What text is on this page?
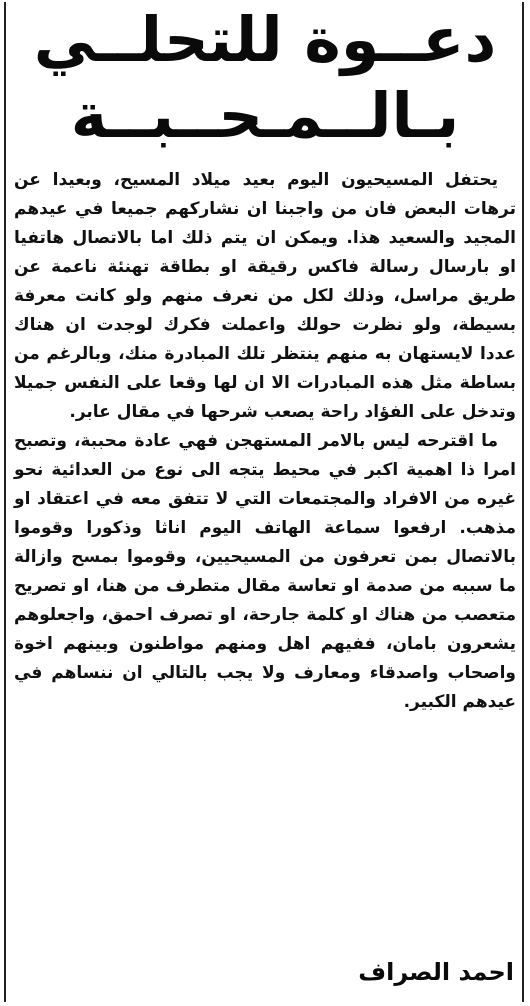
دعــوة للتحلــي
بـالــمـحــبــة

يحتفل المسيحيون اليوم بعيد ميلاد المسيح، وبعيدا عن ترهات البعض فان من واجبنا ان نشاركهم جميعا في عيدهم المجيد والسعيد هذا. ويمكن ان يتم ذلك اما بالاتصال هاتفيا او بارسال رسالة فاكس رقيقة او بطاقة تهنئة ناعمة عن طريق مراسل، وذلك لكل من نعرف منهم ولو كانت معرفة بسيطة، ولو نظرت حولك واعملت فكرك لوجدت ان هناك عددا لايستهان به منهم ينتظر تلك المبادرة منك، وبالرغم من بساطة مثل هذه المبادرات الا ان لها وقعا على النفس جميلا وتدخل على الفؤاد راحة يصعب شرحها في مقال عابر.

ما اقترحه ليس بالامر المستهجن فهي عادة محببة، وتصبح امرا ذا اهمية اكبر في محيط يتجه الى نوع من العدائية نحو غيره من الافراد والمجتمعات التي لا تتفق معه في اعتقاد او مذهب. ارفعوا سماعة الهاتف اليوم اناثا وذكورا وقوموا بالاتصال بمن تعرفون من المسيحيين، وقوموا بمسح وازالة ما سببه من صدمة او تعاسة مقال متطرف من هنا، او تصريح متعصب من هناك او كلمة جارحة، او تصرف احمق، واجعلوهم يشعرون بامان، ففيهم اهل ومنهم مواطنون وبينهم اخوة واصحاب واصدقاء ومعارف ولا يجب بالتالي ان ننساهم في عيدهم الكبير.

احمد الصراف
